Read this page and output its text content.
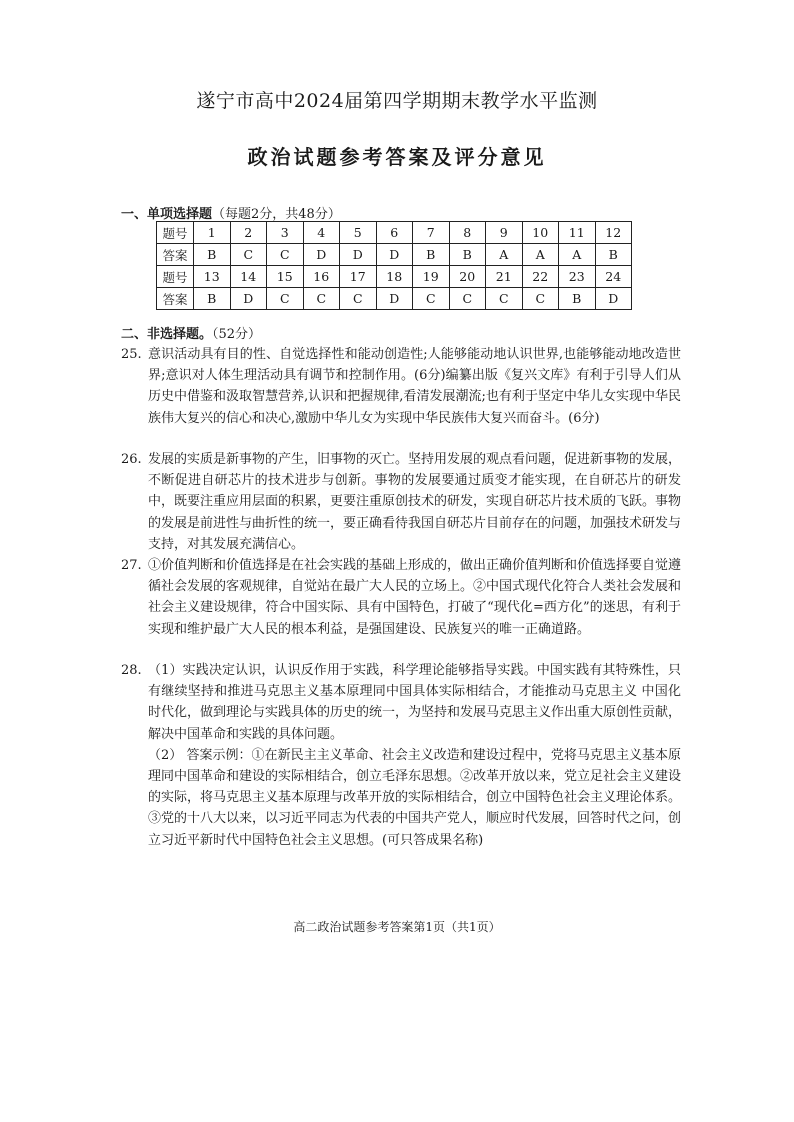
遂宁市高中2024届第四学期期末教学水平监测
政治试题参考答案及评分意见
一、单项选择题（每题2分，共48分）
题号	1	2	3	4	5	6	7	8	9	10	11	12
答案	B	C	C	D	D	D	B	B	A	A	A	B
题号	13	14	15	16	17	18	19	20	21	22	23	24
答案	B	D	C	C	C	D	C	C	C	C	B	D
二、非选择题。（52分）
25. 意识活动具有目的性、自觉选择性和能动创造性;人能够能动地认识世界,也能够能动地改造世界;意识对人体生理活动具有调节和控制作用。(6分)编纂出版《复兴文库》有利于引导人们从历史中借鉴和汲取智慧营养,认识和把握规律,看清发展潮流;也有利于坚定中华儿女实现中华民族伟大复兴的信心和决心,激励中华儿女为实现中华民族伟大复兴而奋斗。(6分)

26. 发展的实质是新事物的产生，旧事物的灭亡。坚持用发展的观点看问题，促进新事物的发展，不断促进自研芯片的技术进步与创新。事物的发展要通过质变才能实现，在自研芯片的研发中，既要注重应用层面的积累，更要注重原创技术的研发，实现自研芯片技术质的飞跃。事物的发展是前进性与曲折性的统一，要正确看待我国自研芯片目前存在的问题，加强技术研发与支持，对其发展充满信心。

27. ①价值判断和价值选择是在社会实践的基础上形成的，做出正确价值判断和价值选择要自觉遵循社会发展的客观规律，自觉站在最广大人民的立场上。②中国式现代化符合人类社会发展和社会主义建设规律，符合中国实际、具有中国特色，打破了“现代化=西方化”的迷思，有利于实现和维护最广大人民的根本利益，是强国建设、民族复兴的唯一正确道路。

28. （1）实践决定认识，认识反作用于实践，科学理论能够指导实践。中国实践有其特殊性，只有继续坚持和推进马克思主义基本原理同中国具体实际相结合，才能推动马克思主义 中国化时代化，做到理论与实践具体的历史的统一，为坚持和发展马克思主义作出重大原创性贡献，解决中国革命和实践的具体问题。

（2） 答案示例：①在新民主主义革命、社会主义改造和建设过程中，党将马克思主义基本原理同中国革命和建设的实际相结合，创立毛泽东思想。②改革开放以来，党立足社会主义建设的实际，将马克思主义基本原理与改革开放的实际相结合，创立中国特色社会主义理论体系。③党的十八大以来，以习近平同志为代表的中国共产党人，顺应时代发展，回答时代之问，创立习近平新时代中国特色社会主义思想。(可只答成果名称)

高二政治试题参考答案第1页（共1页）
